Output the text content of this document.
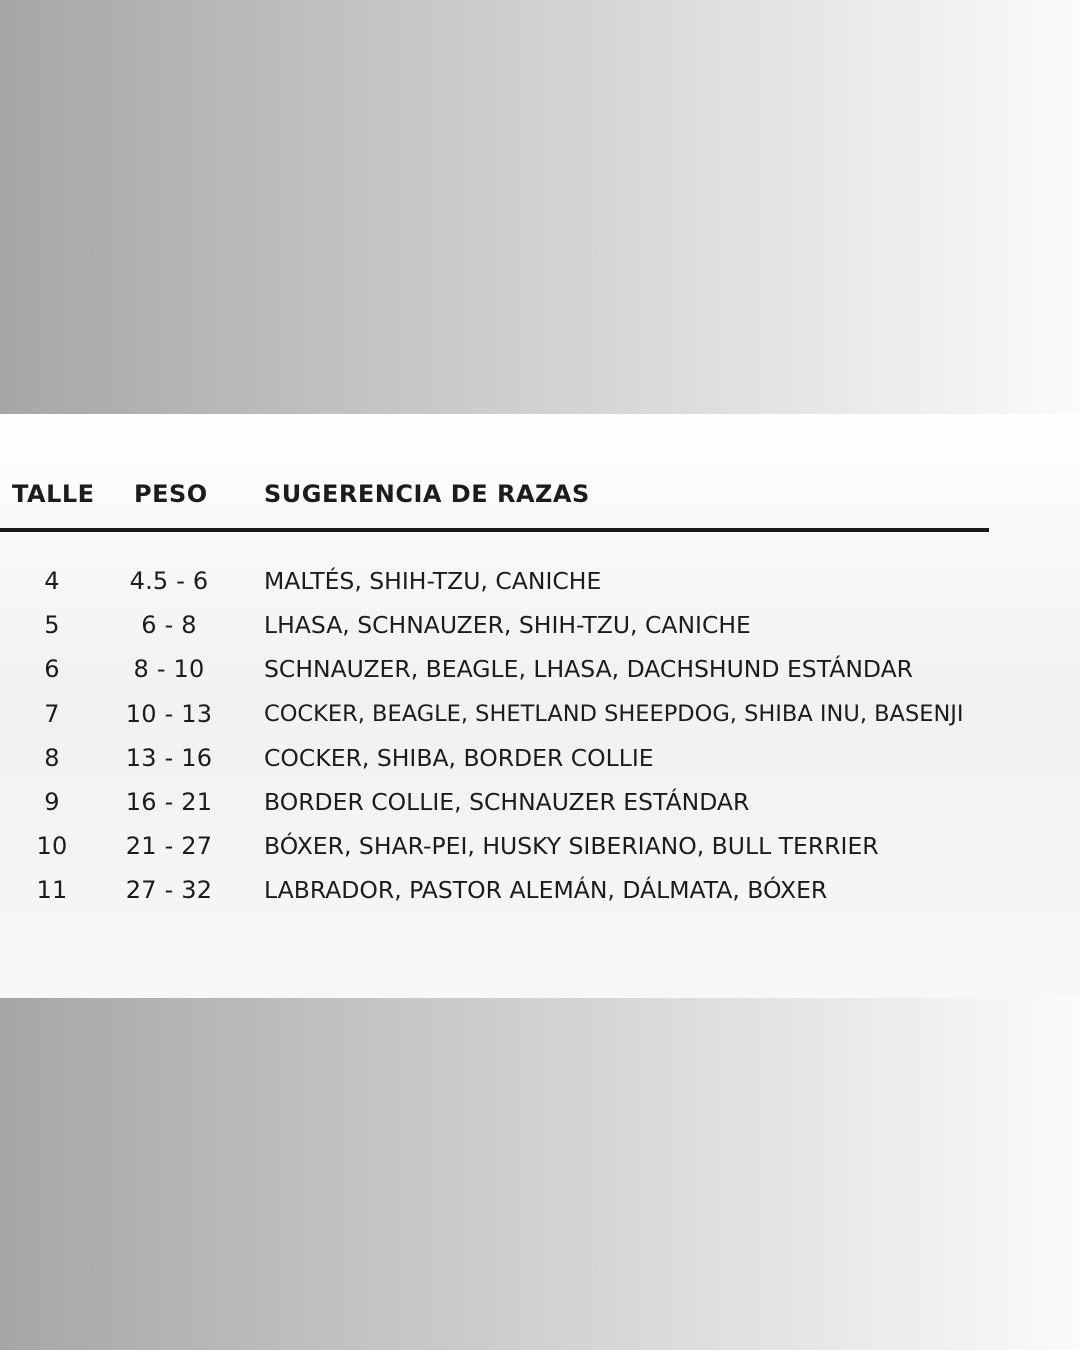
TALLE PESO SUGERENCIA DE RAZAS
4	4.5 - 6 MALTÉS, SHIH-TZU, CANICHE
5	6 - 8	LHASA, SCHNAUZER, SHIH-TZU, CANICHE
6	8 - 10	SCHNAUZER, BEAGLE, LHASA, DACHSHUND ESTÁNDAR
7	10 - 13 COCKER, BEAGLE, SHETLAND SHEEPDOG, SHIBA INU, BASENJI
8	13 - 16 COCKER, SHIBA, BORDER COLLIE
9	16 - 21 BORDER COLLIE, SCHNAUZER ESTÁNDAR
10 21 - 27 BÓXER, SHAR-PEI, HUSKY SIBERIANO, BULL TERRIER
11 27 - 32 LABRADOR, PASTOR ALEMÁN, DÁLMATA, BÓXER
